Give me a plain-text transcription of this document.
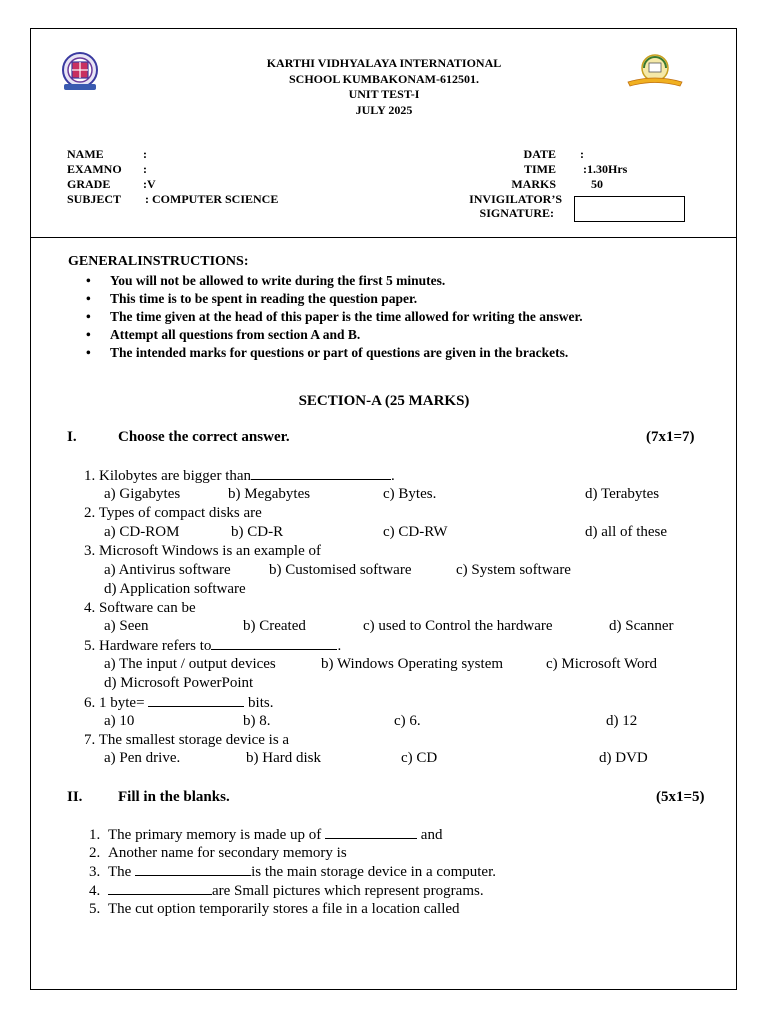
KARTHI VIDHYALAYA INTERNATIONAL
SCHOOL KUMBAKONAM-612501.
UNIT TEST-I
JULY 2025
NAME	:
EXAMNO :
GRADE	:V
SUBJECT : COMPUTER SCIENCE
DATE :
TIME :1.30Hrs
MARKS	50
INVIGILATOR’S
SIGNATURE:
GENERALINSTRUCTIONS:
• You will not be allowed to write during the first 5 minutes.
• This time is to be spent in reading the question paper.
• The time given at the head of this paper is the time allowed for writing the answer.
• Attempt all questions from section A and B.
• The intended marks for questions or part of questions are given in the brackets.
SECTION-A (25 MARKS)
I.	Choose the correct answer.	(7x1=7)
1. Kilobytes are bigger than	.
a) Gigabytes	b) Megabytes	c) Bytes.	d) Terabytes
2. Types of compact disks are
a) CD-ROM	b) CD-R	c) CD-RW	d) all of these
3. Microsoft Windows is an example of
a) Antivirus software	b) Customised software	c) System software
d) Application software
4. Software can be
a) Seen	b) Created	c) used to Control the hardware	d) Scanner
5. Hardware refers to	.
a) The input / output devices	b) Windows Operating system	c) Microsoft Word
d) Microsoft PowerPoint
6. 1 byte=	bits.
a) 10	b) 8.	c) 6.	d) 12
7. The smallest storage device is a
a) Pen drive.	b) Hard disk	c) CD	d) DVD
II. Fill in the blanks.	(5x1=5)
1. The primary memory is made up of	and
2. Another name for secondary memory is
3. The	is the main storage device in a computer.
4.	are Small pictures which represent programs.
5. The cut option temporarily stores a file in a location called
